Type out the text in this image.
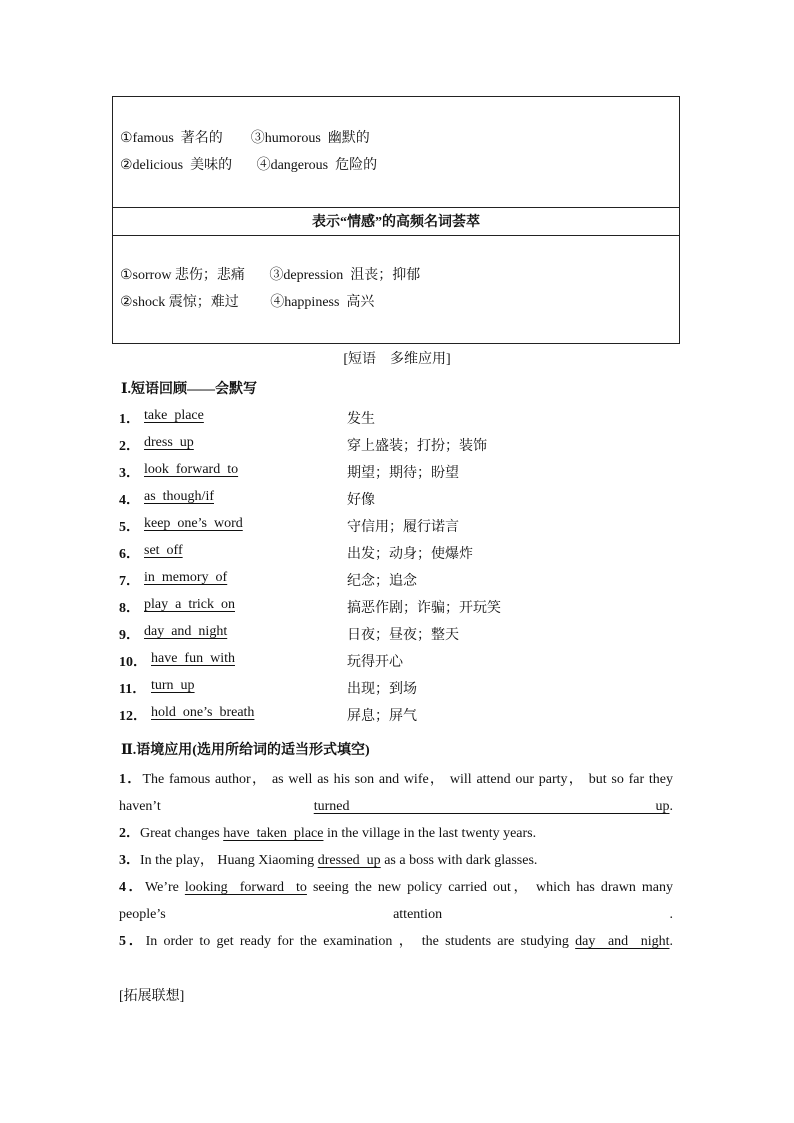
①famous  著名的        ③humorous  幽默的
②delicious  美味的       ④dangerous  危险的
表示“情感”的高频名词荟萃
①sorrow 悲伤；悲痛       ③depression  沮丧；抑郁
②shock 震惊；难过         ④happiness  高兴
[短语　多维应用]
Ⅰ.短语回顾——会默写
1． take  place	发生
2． dress  up	穿上盛装；打扮；装饰
3． look  forward  to	期望；期待；盼望
4． as  though/if	好像
5． keep  one’s  word	守信用；履行诺言
6． set  off	出发；动身；使爆炸
7． in  memory  of	纪念；追念
8． play  a  trick  on	搞恶作剧；诈骗；开玩笑
9． day  and  night	日夜；昼夜；整天
10． have  fun  with	玩得开心
11． turn  up	出现；到场
12． hold  one’s  breath	屏息；屏气
Ⅱ.语境应用(选用所给词的适当形式填空)
1．The famous author， as well as his son and wife， will attend our party， but so far they haven’t turned  up.
2．Great changes have  taken  place in the village in the last twenty years.
3．In the play， Huang Xiaoming dressed  up as a boss with dark glasses.
4．We’re looking  forward  to seeing the new policy carried out， which has drawn many people’s attention .
5．In order to get ready for the examination ， the students are studying day  and  night.
[拓展联想]
